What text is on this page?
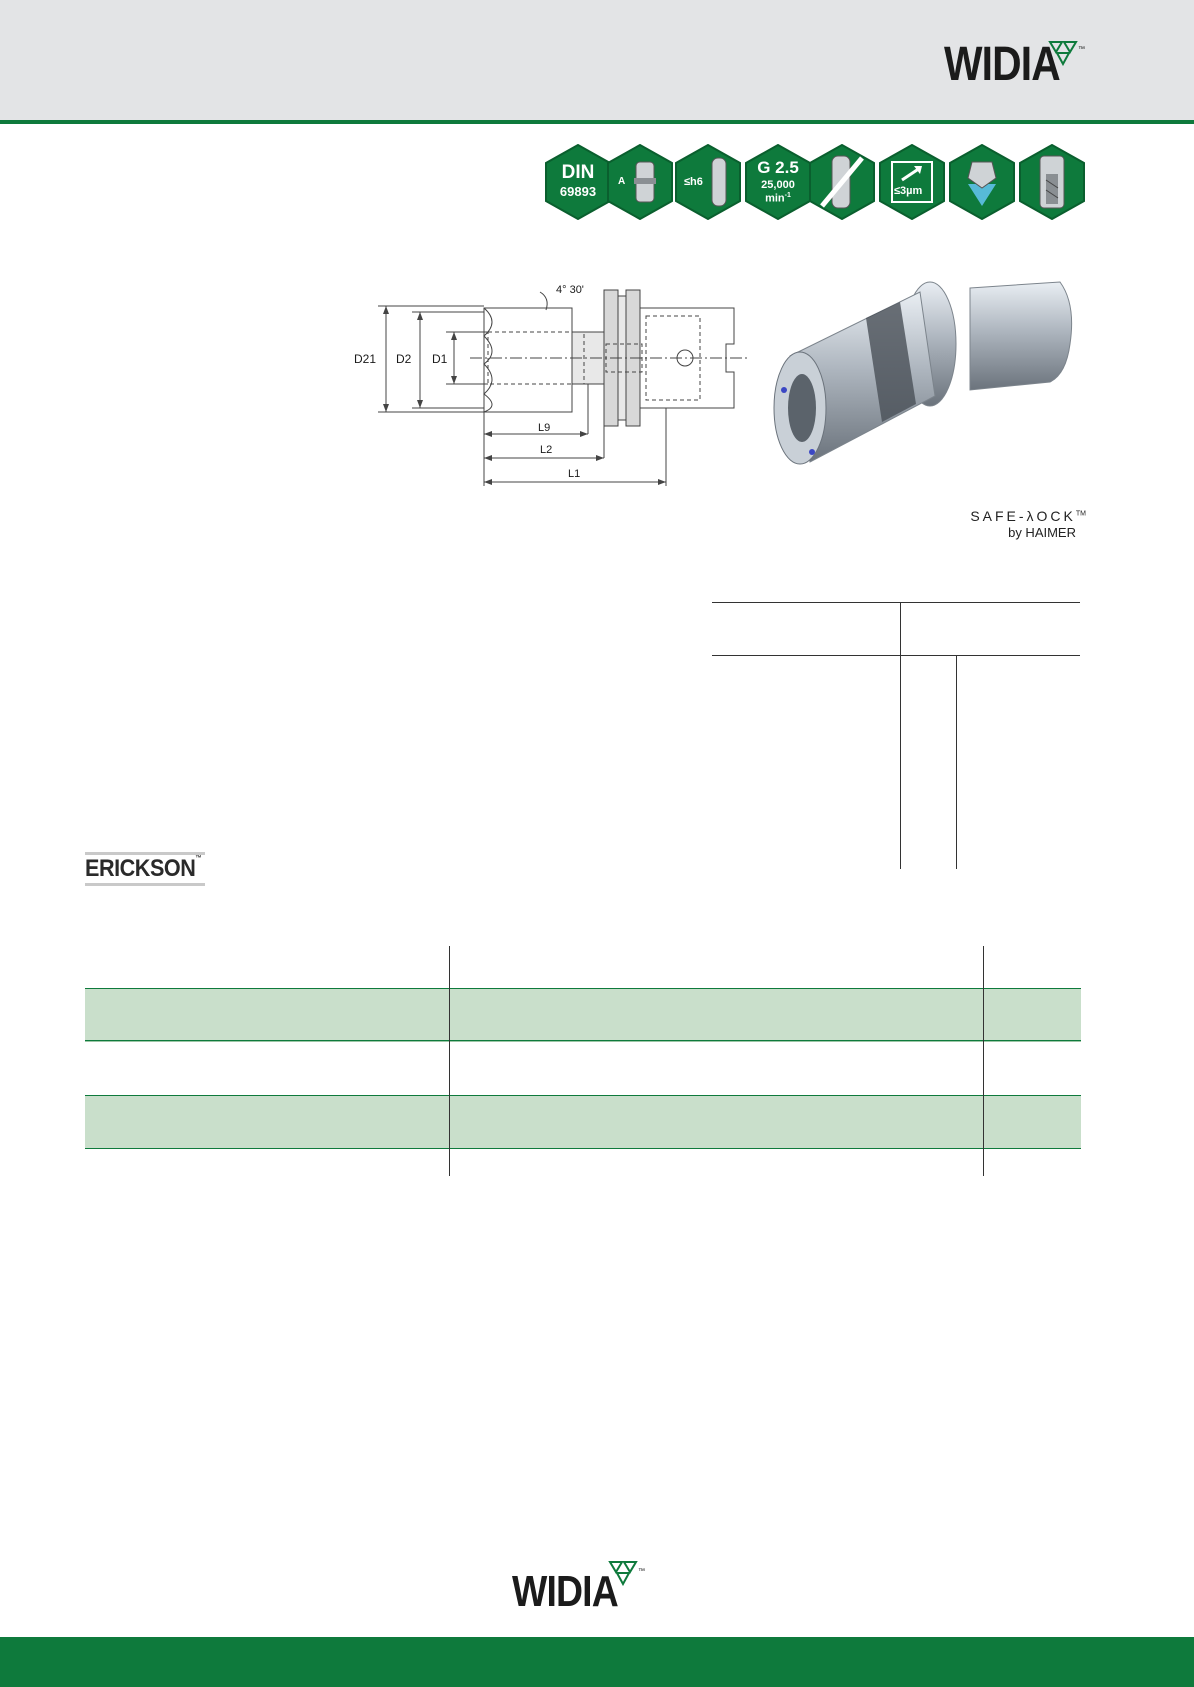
WIDIA	™
DIN
69893
A	≤h6
G 2.5
25,000
$\min^{-1}$	≤3µm
4° 30'
D21 D2 D1
L9
L2
L1
SAFE-λOCK™
by HAIMER
ERICKSON™
WIDIA	™
